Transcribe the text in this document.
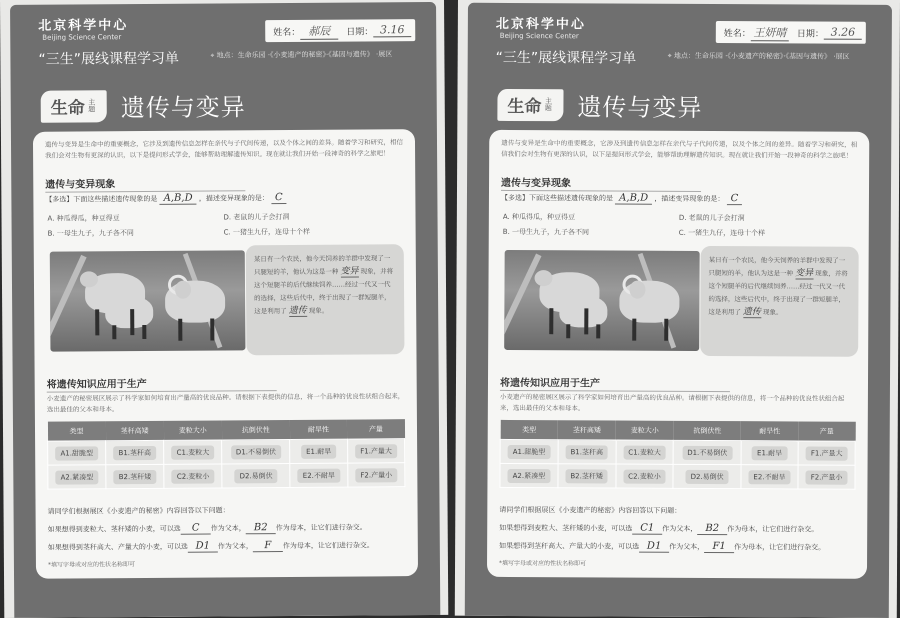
北京科学中心
Beijing Science Center	姓名： 郝辰	日期： 3.16
“三生”展线课程学习单	⌖ 地点：生命乐园 ·《小麦遗产的秘密》·《基因与遗传》 ·展区
生命 主题 遗传与变异
遗传与变异是生命中的重要概念，它涉及到遗传信息怎样在亲代与子代间传递，以及个体之间的差异。随着学习和研究，相信我们会对生物有更深的认识，以下是提问形式学会，能够帮助理解遗传知识。现在就让我们开始一段神奇的科学之旅吧！
遗传与变异现象
【多选】下面这些描述遗传现象的是 A,B,D ，描述变异现象的是： C
A. 种瓜得瓜，种豆得豆	D. 老鼠的儿子会打洞
B. 一母生九子，九子各不同	C. 一猪生九仔，连母十个样
某日有一个农民，他今天饲养的羊群中发现了一只腿短的羊，他认为这是一种 变异 现象，并将这个短腿羊的后代继续饲养……经过一代又一代的选择，这些后代中，终于出现了一群短腿羊，这是利用了 遗传 现象。
将遗传知识应用于生产
小麦遗产的秘密展区展示了科学家如何培育出产量高的优良品种。请根据下表提供的信息，将一个品种的优良性状组合起来，选出最佳的父本和母本。
类型	茎秆高矮	麦粒大小	抗倒伏性	耐旱性	产量
A1.甜脆型	B1.茎秆高	C1.麦粒大	D1.不易倒伏	E1.耐旱	F1.产量大
A2.紧凑型	B2.茎秆矮	C2.麦粒小	D2.易倒伏	E2.不耐旱	F2.产量小
请同学们根据展区《小麦遗产的秘密》内容回答以下问题：
如果想得到麦粒大、茎秆矮的小麦，可以选 C 作为父本， B2 作为母本，让它们进行杂交。
如果想得到茎秆高大、产量大的小麦，可以选 D1 作为父本， F 作为母本，让它们进行杂交。
*填写字母或对应的性状名称即可
北京科学中心
Beijing Science Center	姓名： 王妍晴 日期： 3.26
“三生”展线课程学习单	⌖ 地点：生命乐园 ·《小麦遗产的秘密》·《基因与遗传》 ·展区
生命 主题 遗传与变异
遗传与变异是生命中的重要概念，它涉及到遗传信息怎样在亲代与子代间传递，以及个体之间的差异。随着学习和研究，相信我们会对生物有更深的认识，以下是提问形式学会，能够帮助理解遗传知识。现在就让我们开始一段神奇的科学之旅吧！
遗传与变异现象
【多选】下面这些描述遗传现象的是 A,B,D ，描述变异现象的是： C
A. 种瓜得瓜，种豆得豆	D. 老鼠的儿子会打洞
B. 一母生九子，九子各不同	C. 一猪生九仔，连母十个样
某日有一个农民，他今天饲养的羊群中发现了一只腿短的羊，他认为这是一种 变异 现象，并将这个短腿羊的后代继续饲养……经过一代又一代的选择，这些后代中，终于出现了一群短腿羊，这是利用了 遗传 现象。
将遗传知识应用于生产
小麦遗产的秘密展区展示了科学家如何培育出产量高的优良品种。请根据下表提供的信息，将一个品种的优良性状组合起来，选出最佳的父本和母本。
类型	茎秆高矮	麦粒大小	抗倒伏性	耐旱性	产量
A1.甜脆型	B1.茎秆高	C1.麦粒大	D1.不易倒伏	E1.耐旱	F1.产量大
A2.紧凑型	B2.茎秆矮	C2.麦粒小	D2.易倒伏	E2.不耐旱	F2.产量小
请同学们根据展区《小麦遗产的秘密》内容回答以下问题：
如果想得到麦粒大、茎秆矮的小麦，可以选 C1 作为父本， B2 作为母本，让它们进行杂交。
如果想得到茎秆高大、产量大的小麦，可以选 D1 作为父本， F1 作为母本，让它们进行杂交。
*填写字母或对应的性状名称即可
